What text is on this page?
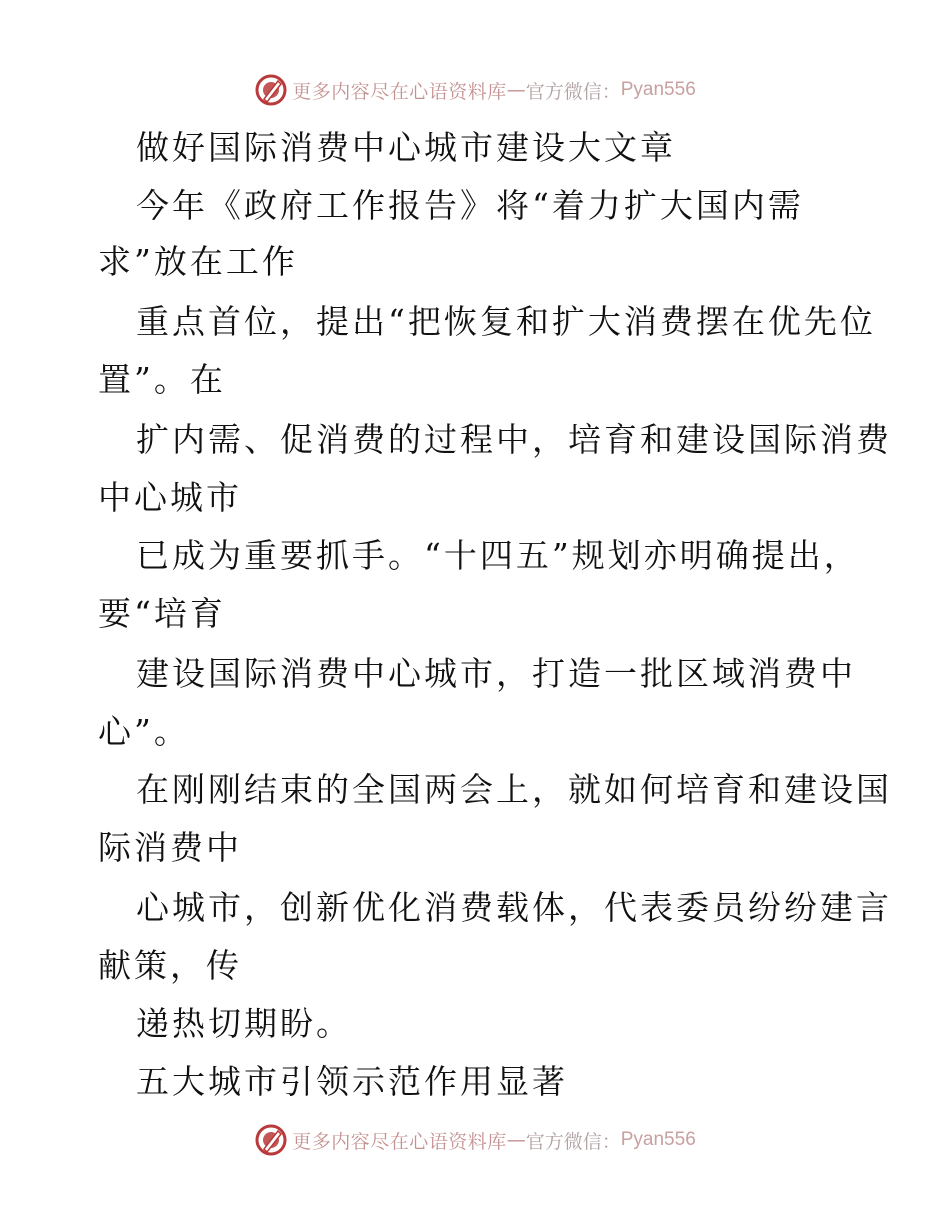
更多内容尽在心语资料库 — 官方微信： Pyan556
做好国际消费中心城市建设大文章
今年《政府工作报告》将“着力扩大国内需
求”放在工作
重点首位，提出“把恢复和扩大消费摆在优先位
置”。在
扩内需、促消费的过程中，培育和建设国际消费
中心城市
已成为重要抓手。“十四五”规划亦明确提出，
要“培育
建设国际消费中心城市，打造一批区域消费中
心”。
在刚刚结束的全国两会上，就如何培育和建设国
际消费中
心城市，创新优化消费载体，代表委员纷纷建言
献策，传
递热切期盼。
五大城市引领示范作用显著
更多内容尽在心语资料库 — 官方微信： Pyan556
